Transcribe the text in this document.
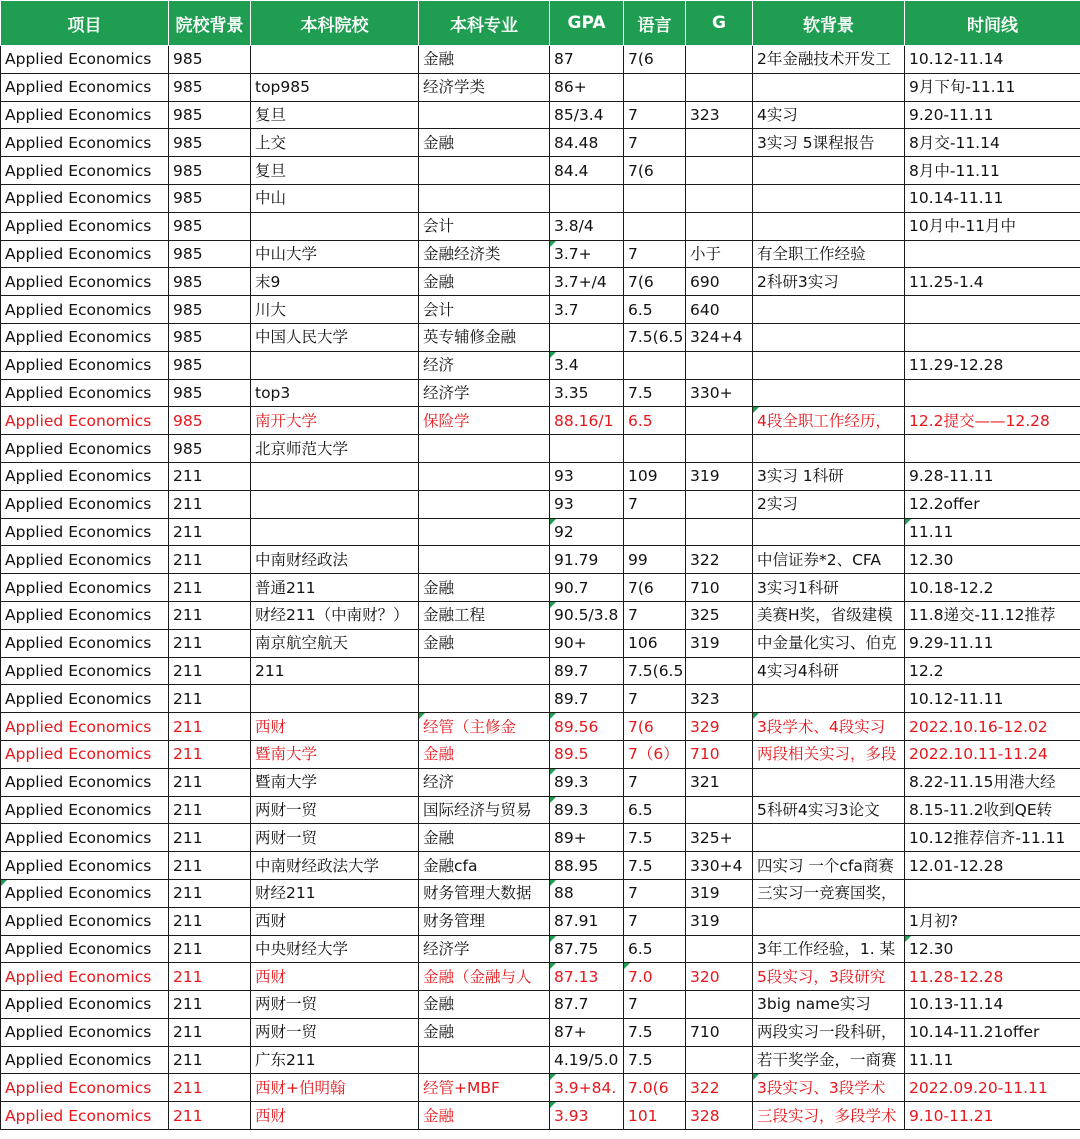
项目	院校背景	本科院校	本科专业	GPA	语言	G	软背景	时间线
Applied Economics	985		金融	87	7(6		2年金融技术开发工	10.12-11.14
Applied Economics	985	top985	经济学类	86+				9月下旬-11.11
Applied Economics	985	复旦		85/3.4	7	323	4实习	9.20-11.11
Applied Economics	985	上交	金融	84.48	7		3实习 5课程报告	8月交-11.14
Applied Economics	985	复旦		84.4	7(6			8月中-11.11
Applied Economics	985	中山						10.14-11.11
Applied Economics	985		会计	3.8/4				10月中-11月中
Applied Economics	985	中山大学	金融经济类	3.7+	7	小于	有全职工作经验	
Applied Economics	985	末9	金融	3.7+/4	7(6	690	2科研3实习	11.25-1.4
Applied Economics	985	川大	会计	3.7	6.5	640		
Applied Economics	985	中国人民大学	英专辅修金融		7.5(6.5	324+4		
Applied Economics	985		经济	3.4				11.29-12.28
Applied Economics	985	top3	经济学	3.35	7.5	330+		
Applied Economics	985	南开大学	保险学	88.16/1	6.5		4段全职工作经历，	12.2提交——12.28
Applied Economics	985	北京师范大学						
Applied Economics	211			93	109	319	3实习 1科研	9.28-11.11
Applied Economics	211			93	7		2实习	12.2offer
Applied Economics	211			92				11.11
Applied Economics	211	中南财经政法		91.79	99	322	中信证券*2、CFA	12.30
Applied Economics	211	普通211	金融	90.7	7(6	710	3实习1科研	10.18-12.2
Applied Economics	211	财经211（中南财？）	金融工程	90.5/3.8	7	325	美赛H奖，省级建模	11.8递交-11.12推荐
Applied Economics	211	南京航空航天	金融	90+	106	319	中金量化实习、伯克	9.29-11.11
Applied Economics	211	211		89.7	7.5(6.5		4实习4科研	12.2
Applied Economics	211			89.7	7	323		10.12-11.11
Applied Economics	211	西财	经管（主修金	89.56	7(6	329	3段学术、4段实习	2022.10.16-12.02
Applied Economics	211	暨南大学	金融	89.5	7（6）	710	两段相关实习，多段	2022.10.11-11.24
Applied Economics	211	暨南大学	经济	89.3	7	321		8.22-11.15用港大经
Applied Economics	211	两财一贸	国际经济与贸易	89.3	6.5		5科研4实习3论文	8.15-11.2收到QE转
Applied Economics	211	两财一贸	金融	89+	7.5	325+		10.12推荐信齐-11.11
Applied Economics	211	中南财经政法大学	金融cfa	88.95	7.5	330+4	四实习 一个cfa商赛	12.01-12.28
Applied Economics	211	财经211	财务管理大数据	88	7	319	三实习一竞赛国奖，	
Applied Economics	211	西财	财务管理	87.91	7	319		1月初?
Applied Economics	211	中央财经大学	经济学	87.75	6.5		3年工作经验，1. 某	12.30
Applied Economics	211	西财	金融（金融与人	87.13	7.0	320	5段实习，3段研究	11.28-12.28
Applied Economics	211	两财一贸	金融	87.7	7		3big name实习	10.13-11.14
Applied Economics	211	两财一贸	金融	87+	7.5	710	两段实习一段科研，	10.14-11.21offer
Applied Economics	211	广东211		4.19/5.0	7.5		若干奖学金，一商赛	11.11
Applied Economics	211	西财+伯明翰	经管+MBF	3.9+84.	7.0(6	322	3段实习、3段学术	2022.09.20-11.11
Applied Economics	211	西财	金融	3.93	101	328	三段实习，多段学术	9.10-11.21
